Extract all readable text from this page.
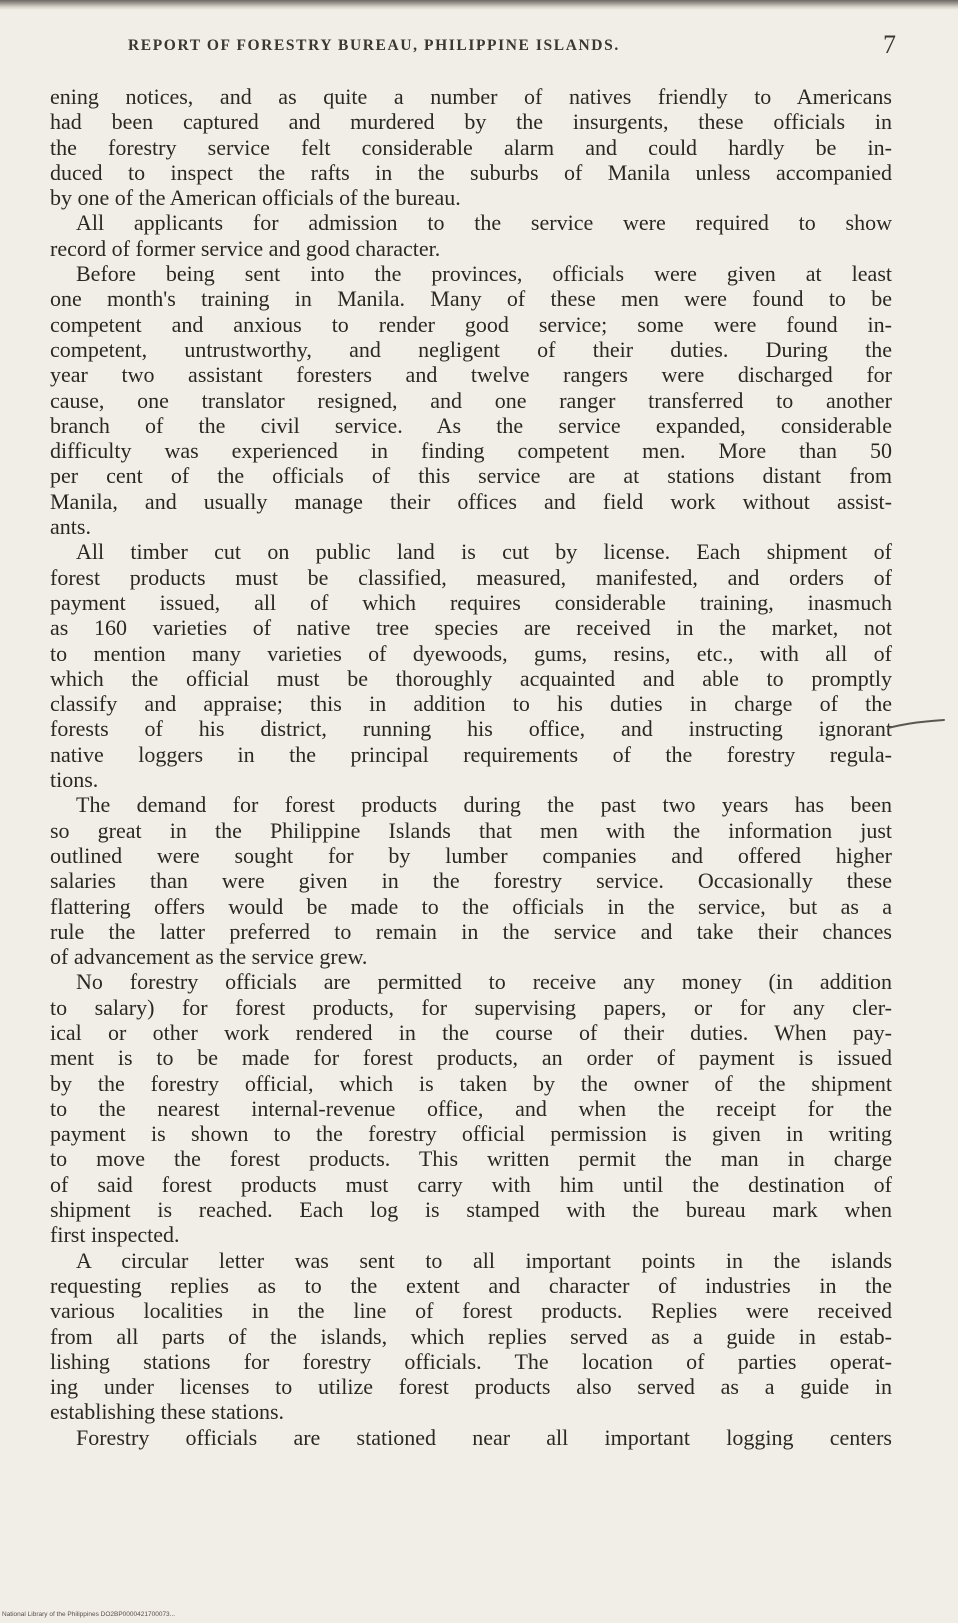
REPORT OF FORESTRY BUREAU, PHILIPPINE ISLANDS.	7
ening notices, and as quite a number of natives friendly to Americans
had been captured and murdered by the insurgents, these officials in
the forestry service felt considerable alarm and could hardly be in-
duced to inspect the rafts in the suburbs of Manila unless accompanied
by one of the American officials of the bureau.
All applicants for admission to the service were required to show
record of former service and good character.
Before being sent into the provinces, officials were given at least
one month's training in Manila. Many of these men were found to be
competent and anxious to render good service; some were found in-
competent, untrustworthy, and negligent of their duties. During the
year two assistant foresters and twelve rangers were discharged for
cause, one translator resigned, and one ranger transferred to another
branch of the civil service. As the service expanded, considerable
difficulty was experienced in finding competent men. More than 50
per cent of the officials of this service are at stations distant from
Manila, and usually manage their offices and field work without assist-
ants.
All timber cut on public land is cut by license. Each shipment of
forest products must be classified, measured, manifested, and orders of
payment issued, all of which requires considerable training, inasmuch
as 160 varieties of native tree species are received in the market, not
to mention many varieties of dyewoods, gums, resins, etc., with all of
which the official must be thoroughly acquainted and able to promptly
classify and appraise; this in addition to his duties in charge of the
forests of his district, running his office, and instructing ignorant
native loggers in the principal requirements of the forestry regula-
tions.
The demand for forest products during the past two years has been
so great in the Philippine Islands that men with the information just
outlined were sought for by lumber companies and offered higher
salaries than were given in the forestry service. Occasionally these
flattering offers would be made to the officials in the service, but as a
rule the latter preferred to remain in the service and take their chances
of advancement as the service grew.
No forestry officials are permitted to receive any money (in addition
to salary) for forest products, for supervising papers, or for any cler-
ical or other work rendered in the course of their duties. When pay-
ment is to be made for forest products, an order of payment is issued
by the forestry official, which is taken by the owner of the shipment
to the nearest internal-revenue office, and when the receipt for the
payment is shown to the forestry official permission is given in writing
to move the forest products. This written permit the man in charge
of said forest products must carry with him until the destination of
shipment is reached. Each log is stamped with the bureau mark when
first inspected.
A circular letter was sent to all important points in the islands
requesting replies as to the extent and character of industries in the
various localities in the line of forest products. Replies were received
from all parts of the islands, which replies served as a guide in estab-
lishing stations for forestry officials. The location of parties operat-
ing under licenses to utilize forest products also served as a guide in
establishing these stations.
Forestry officials are stationed near all important logging centers
National Library of the Philippines DO2BP0000421700073...
